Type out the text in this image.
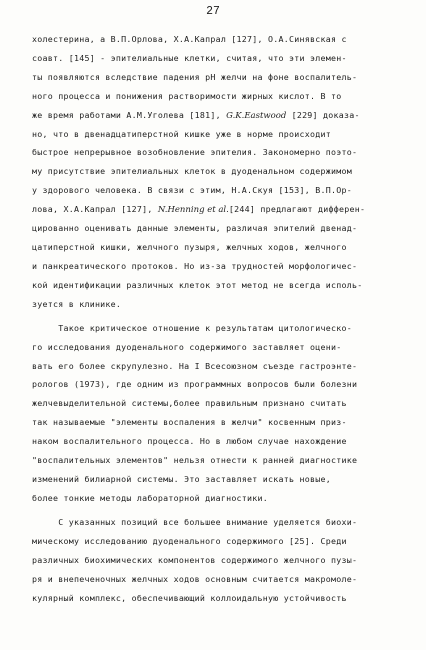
27
холестерина, а В.П.Орлова, Х.А.Капрал [127], О.А.Синявская с
соавт. [145] - эпителиальные клетки, считая, что эти элемен-
ты появляются вследствие падения рН желчи на фоне воспалитель-
ного процесса и понижения растворимости жирных кислот. В то
же время работами А.М.Уголева [181], G.K.Eastwood [229] доказа-
но, что в двенадцатиперстной кишке уже в норме происходит
быстрое непрерывное возобновление эпителия. Закономерно поэто-
му присутствие эпителиальных клеток в дуоденальном содержимом
у здорового человека. В связи с этим, Н.А.Скуя [153], В.П.Ор-
лова, Х.А.Капрал [127], N.Henning et al.[244] предлагают дифферен-
цированно оценивать данные элементы, различая эпителий двенад-
цатиперстной кишки, желчного пузыря, желчных ходов, желчного
и панкреатического протоков. Но из-за трудностей морфологичес-
кой идентификации различных клеток этот метод не всегда исполь-
зуется в клинике.
Такое критическое отношение к результатам цитологическо-
го исследования дуоденального содержимого заставляет оцени-
вать его более скрупулезно. На I Всесоюзном съезде гастроэнте-
рологов (1973), где одним из программных вопросов были болезни
желчевыделительной системы,более правильным признано считать
так называемые "элементы воспаления в желчи" косвенным приз-
наком воспалительного процесса. Но в любом случае нахождение
"воспалительных элементов" нельзя отнести к ранней диагностике
изменений билиарной системы. Это заставляет искать новые,
более тонкие методы лабораторной диагностики.
С указанных позиций все большее внимание уделяется биохи-
мическому исследованию дуоденального содержимого [25]. Среди
различных биохимических компонентов содержимого желчного пузы-
ря и внепеченочных желчных ходов основным считается макромоле-
кулярный комплекс, обеспечивающий коллоидальную устойчивость
